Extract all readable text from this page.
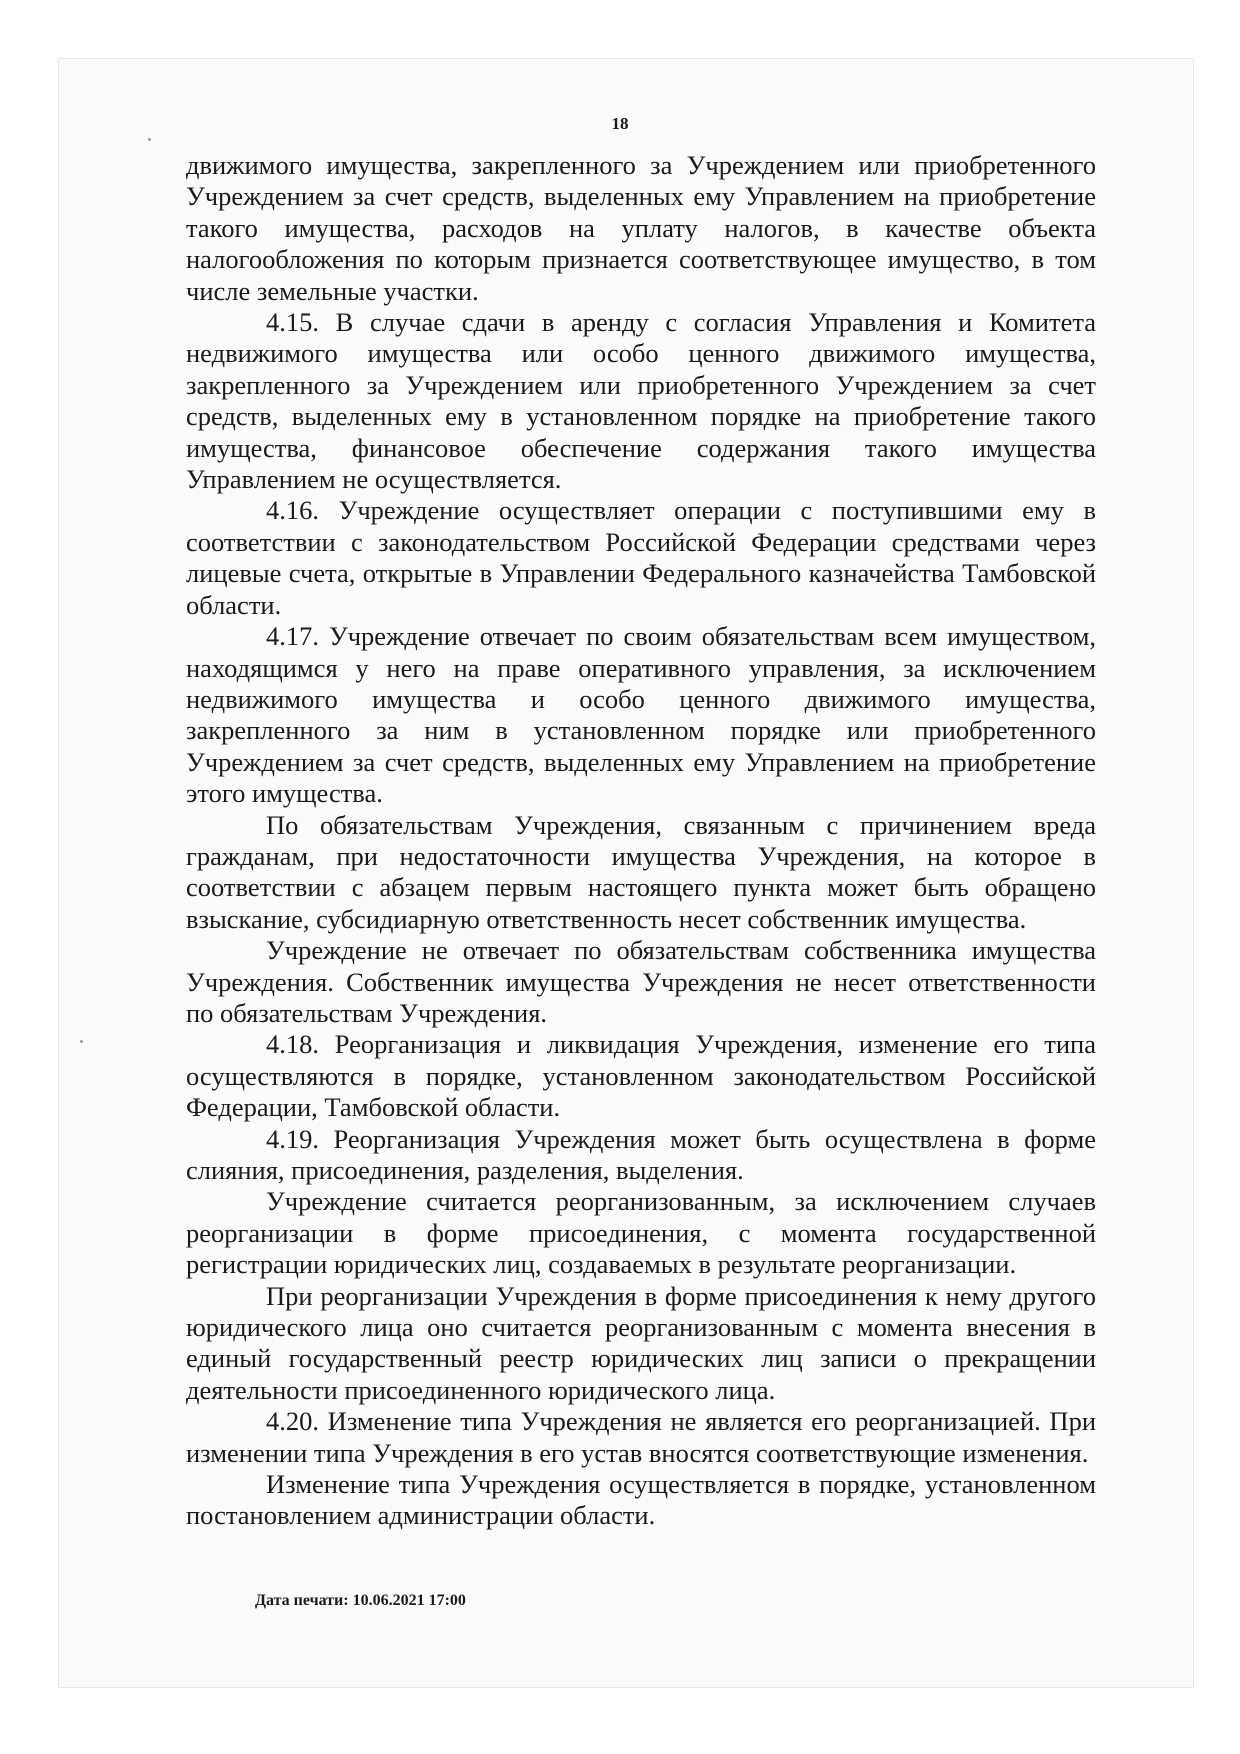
18

движимого имущества, закрепленного за Учреждением или приобретенного Учреждением за счет средств, выделенных ему Управлением на приобретение такого имущества, расходов на уплату налогов, в качестве объекта налогообложения по которым признается соответствующее имущество, в том числе земельные участки.

4.15. В случае сдачи в аренду с согласия Управления и Комитета недвижимого имущества или особо ценного движимого имущества, закрепленного за Учреждением или приобретенного Учреждением за счет средств, выделенных ему в установленном порядке на приобретение такого имущества, финансовое обеспечение содержания такого имущества Управлением не осуществляется.

4.16. Учреждение осуществляет операции с поступившими ему в соответствии с законодательством Российской Федерации средствами через лицевые счета, открытые в Управлении Федерального казначейства Тамбовской области.

4.17. Учреждение отвечает по своим обязательствам всем имуществом, находящимся у него на праве оперативного управления, за исключением недвижимого имущества и особо ценного движимого имущества, закрепленного за ним в установленном порядке или приобретенного Учреждением за счет средств, выделенных ему Управлением на приобретение этого имущества.

По обязательствам Учреждения, связанным с причинением вреда гражданам, при недостаточности имущества Учреждения, на которое в соответствии с абзацем первым настоящего пункта может быть обращено взыскание, субсидиарную ответственность несет собственник имущества.

Учреждение не отвечает по обязательствам собственника имущества Учреждения. Собственник имущества Учреждения не несет ответственности по обязательствам Учреждения.

4.18. Реорганизация и ликвидация Учреждения, изменение его типа осуществляются в порядке, установленном законодательством Российской Федерации, Тамбовской области.

4.19. Реорганизация Учреждения может быть осуществлена в форме слияния, присоединения, разделения, выделения.

Учреждение считается реорганизованным, за исключением случаев реорганизации в форме присоединения, с момента государственной регистрации юридических лиц, создаваемых в результате реорганизации.

При реорганизации Учреждения в форме присоединения к нему другого юридического лица оно считается реорганизованным с момента внесения в единый государственный реестр юридических лиц записи о прекращении деятельности присоединенного юридического лица.

4.20. Изменение типа Учреждения не является его реорганизацией. При изменении типа Учреждения в его устав вносятся соответствующие изменения.

Изменение типа Учреждения осуществляется в порядке, установленном постановлением администрации области.

Дата печати: 10.06.2021 17:00
